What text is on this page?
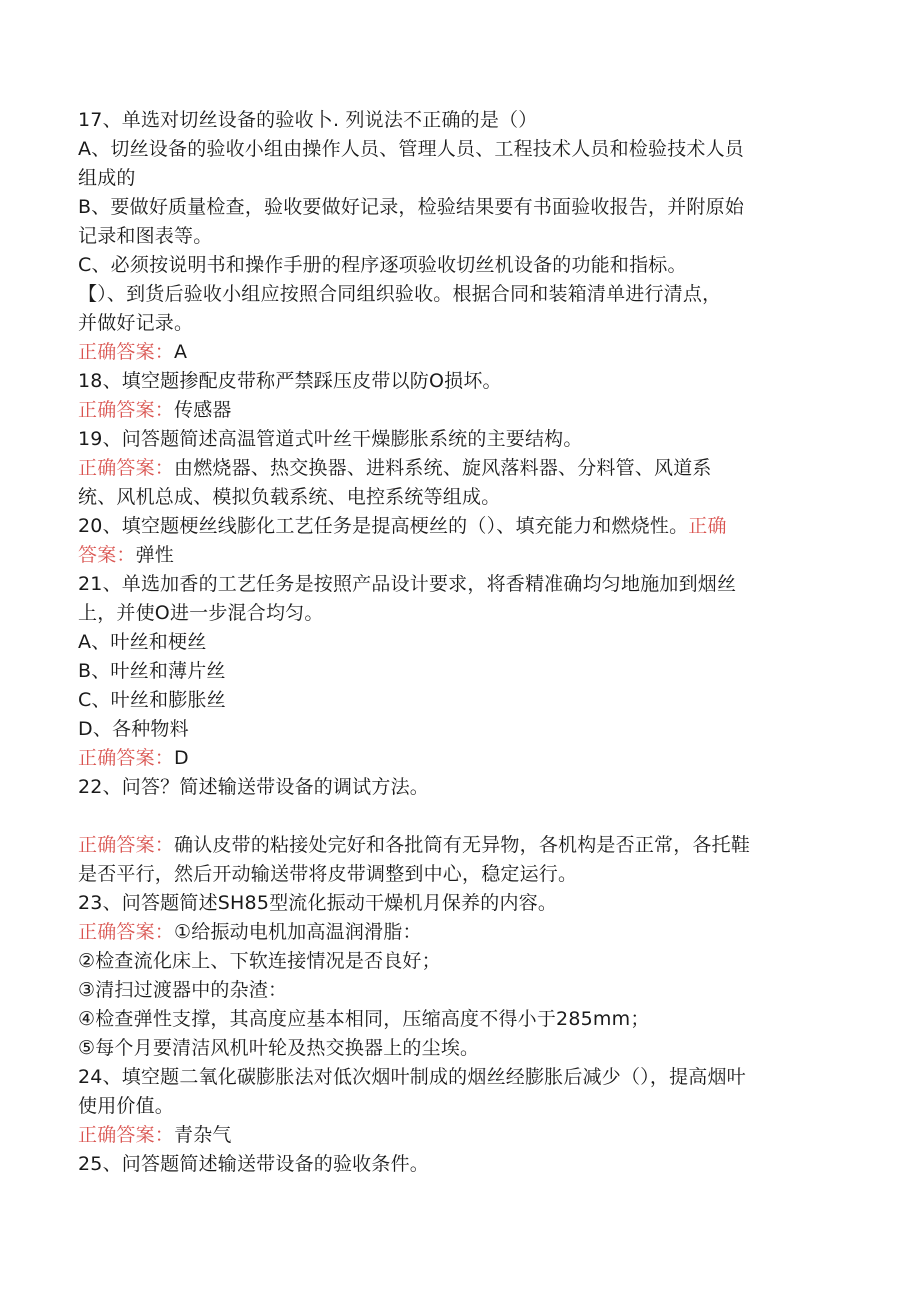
17、单选对切丝设备的验收卜. 列说法不正确的是（）
A、切丝设备的验收小组由操作人员、管理人员、工程技术人员和检验技术人员
组成的
B、要做好质量检查，验收要做好记录，检验结果要有书面验收报告，并附原始
记录和图表等。
C、必须按说明书和操作手册的程序逐项验收切丝机设备的功能和指标。
【）、到货后验收小组应按照合同组织验收。根据合同和装箱清单进行清点，
并做好记录。
正确答案：A
18、填空题掺配皮带称严禁踩压皮带以防O损坏。
正确答案：传感器
19、问答题简述高温管道式叶丝干燥膨胀系统的主要结构。
正确答案：由燃烧器、热交换器、进料系统、旋风落料器、分料管、风道系
统、风机总成、模拟负载系统、电控系统等组成。
20、填空题梗丝线膨化工艺任务是提高梗丝的（）、填充能力和燃烧性。正确
答案：弹性
21、单选加香的工艺任务是按照产品设计要求，将香精准确均匀地施加到烟丝
上，并使O进一步混合均匀。
A、叶丝和梗丝
B、叶丝和薄片丝
C、叶丝和膨胀丝
D、各种物料
正确答案：D
22、问答？简述输送带设备的调试方法。
正确答案：确认皮带的粘接处完好和各批筒有无异物，各机构是否正常，各托鞋
是否平行，然后开动输送带将皮带调整到中心，稳定运行。
23、问答题简述SH85型流化振动干燥机月保养的内容。
正确答案：①给振动电机加高温润滑脂：
②检查流化床上、下软连接情况是否良好；
③清扫过渡器中的杂渣：
④检查弹性支撑，其高度应基本相同，压缩高度不得小于285mm；
⑤每个月要清洁风机叶轮及热交换器上的尘埃。
24、填空题二氧化碳膨胀法对低次烟叶制成的烟丝经膨胀后减少（），提高烟叶
使用价值。
正确答案：青杂气
25、问答题简述输送带设备的验收条件。
